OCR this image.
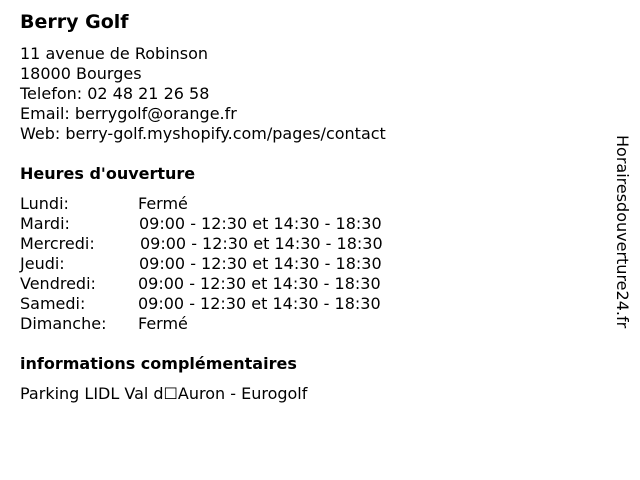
Berry Golf
11 avenue de Robinson
18000 Bourges
Telefon: 02 48 21 26 58
Email: berrygolf@orange.fr
Web: berry-golf.myshopify.com/pages/contact
Heures d'ouverture
Lundi:	Fermé
Mardi:	09:00 - 12:30 et 14:30 - 18:30
Mercredi:	09:00 - 12:30 et 14:30 - 18:30
Jeudi:	09:00 - 12:30 et 14:30 - 18:30
Vendredi:	09:00 - 12:30 et 14:30 - 18:30
Samedi:	09:00 - 12:30 et 14:30 - 18:30
Dimanche: Fermé
informations complémentaires
Parking LIDL Val d☐Auron - Eurogolf
Horairesdouverture24.fr
